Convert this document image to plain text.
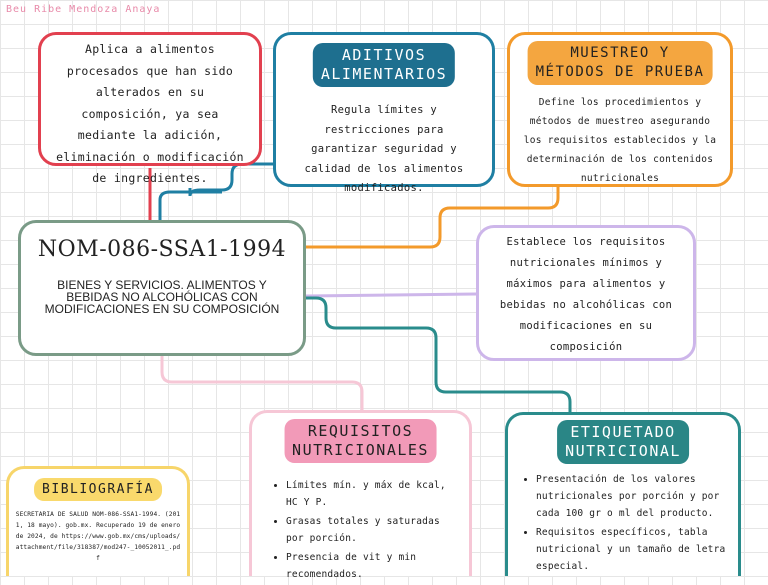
Beu Ribe Mendoza Anaya
Aplica a alimentos procesados que han sido alterados en su composición, ya sea mediante la adición, eliminación o modificación de ingredientes.
ADITIVOS
ALIMENTARIOS
Regula límites y restricciones para garantizar seguridad y calidad de los alimentos modificados.
MUESTREO Y
MÉTODOS DE PRUEBA
Define los procedimientos y métodos de muestreo asegurando los requisitos establecidos y la determinación de los contenidos nutricionales
NOM-086-SSA1-1994
BIENES Y SERVICIOS. ALIMENTOS Y BEBIDAS NO ALCOHÓLICAS CON MODIFICACIONES EN SU COMPOSICIÓN
Establece los requisitos nutricionales mínimos y máximos para alimentos y bebidas no alcohólicas con modificaciones en su composición
REQUISITOS
NUTRICIONALES
• Límites mín. y máx de kcal, HC Y P.
• Grasas totales y saturadas por porción.
• Presencia de vit y min recomendados.
ETIQUETADO
NUTRICIONAL
• Presentación de los valores nutricionales por porción y por cada 100 gr o ml del producto.
• Requisitos específicos, tabla nutricional y un tamaño de letra especial.
BIBLIOGRAFÍA
SECRETARIA DE SALUD NOM-086-SSA1-1994. (2011, 18 mayo). gob.mx. Recuperado 19 de enero de 2024, de https://www.gob.mx/cms/uploads/attachment/file/318387/mod247-_10052011_.pdf
